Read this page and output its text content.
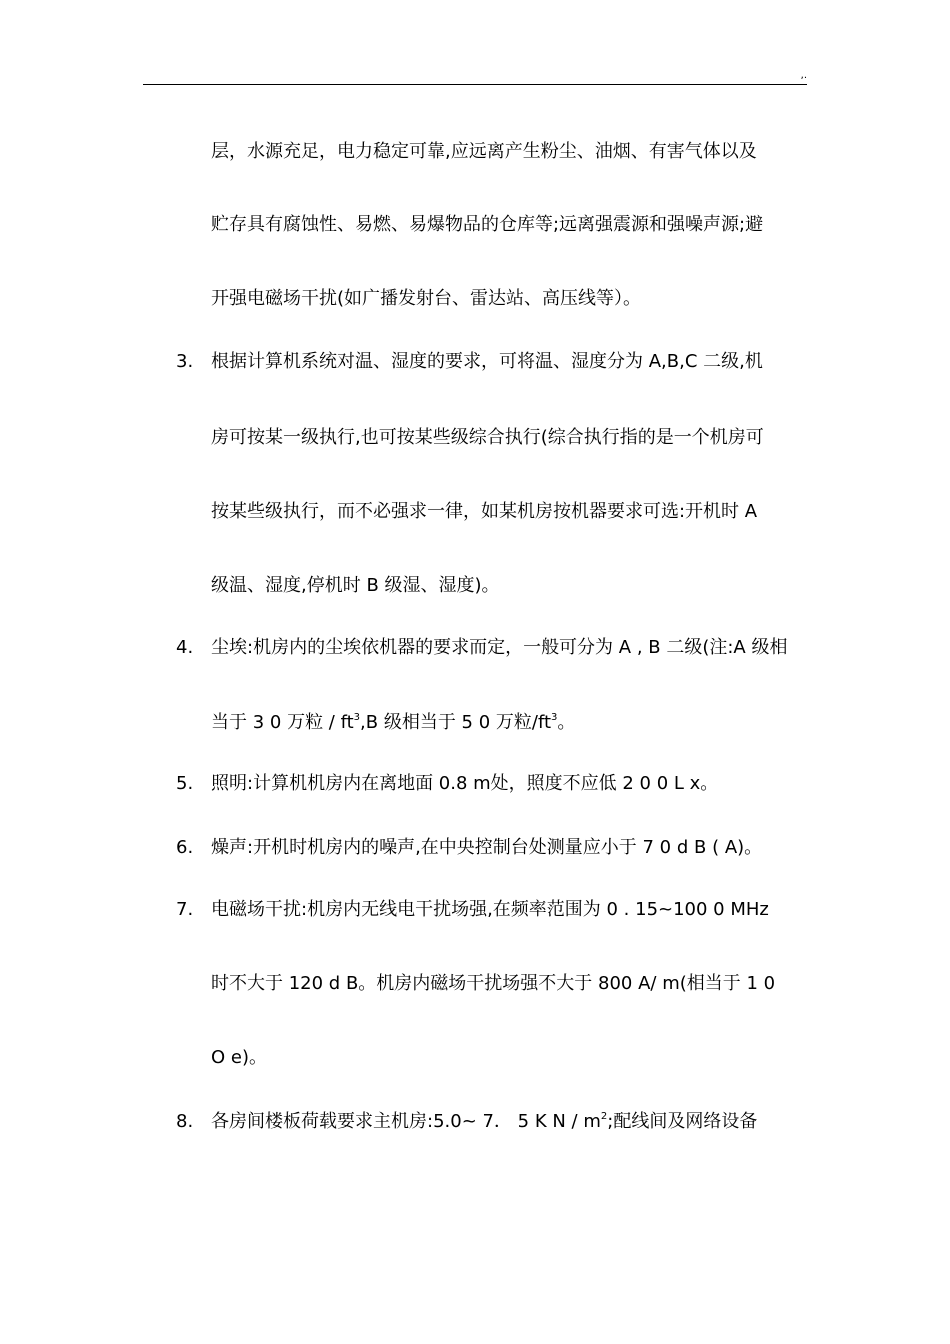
,.
层，水源充足，电力稳定可靠,应远离产生粉尘、油烟、有害气体以及
贮存具有腐蚀性、易燃、易爆物品的仓库等;远离强震源和强噪声源;避
开强电磁场干扰(如广播发射台、雷达站、高压线等）。
3. 根据计算机系统对温、湿度的要求，可将温、湿度分为 A,B,C 二级,机
房可按某一级执行,也可按某些级综合执行(综合执行指的是一个机房可
按某些级执行，而不必强求一律，如某机房按机器要求可选:开机时 A
级温、湿度,停机时 B 级湿、湿度)。
4. 尘埃:机房内的尘埃依机器的要求而定，一般可分为 A , B 二级(注:A 级相
当于 3 0 万粒 / $ft^3,B$ 级相当于 5 0 万粒$/ft^3$。
5. 照明:计算机机房内在离地面 0.8 m处，照度不应低 2 0 0 L x。
6. 燥声:开机时机房内的噪声,在中央控制台处测量应小于 7 0 d B ( A)。
7. 电磁场干扰:机房内无线电干扰场强,在频率范围为 0 . 15~100 0 MHz
时不大于 120 d B。机房内磁场干扰场强不大于 800 A/ m(相当于 1 0
O e)。
8. 各房间楼板荷载要求主机房:5.0~ 7． 5 K N / $m^2$;配线间及网络设备
